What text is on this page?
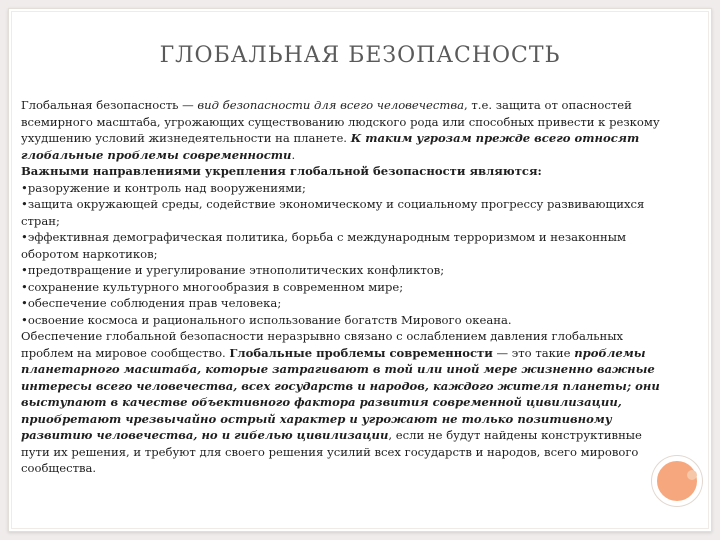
ГЛОБАЛЬНАЯ БЕЗОПАСНОСТЬ

Глобальная безопасность — вид безопасности для всего человечества, т.е. защита от опасностей всемирного масштаба, угрожающих существованию людского рода или способных привести к резкому ухудшению условий жизнедеятельности на планете. К таким угрозам прежде всего относят глобальные проблемы современности.

Важными направлениями укрепления глобальной безопасности являются:

•разоружение и контроль над вооружениями;

•защита окружающей среды, содействие экономическому и социальному прогрессу развивающихся стран;

•эффективная демографическая политика, борьба с международным терроризмом и незаконным оборотом наркотиков;

•предотвращение и урегулирование этнополитических конфликтов;

•сохранение культурного многообразия в современном мире;

•обеспечение соблюдения прав человека;

•освоение космоса и рационального использование богатств Мирового океана.

Обеспечение глобальной безопасности неразрывно связано с ослаблением давления глобальных проблем на мировое сообщество. Глобальные проблемы современности — это такие проблемы планетарного масштаба, которые затрагивают в той или иной мере жизненно важные интересы всего человечества, всех государств и народов, каждого жителя планеты; они выступают в качестве объективного фактора развития современной цивилизации, приобретают чрезвычайно острый характер и угрожают не только позитивному развитию человечества, но и гибелью цивилизации, если не будут найдены конструктивные пути их решения, и требуют для своего решения усилий всех государств и народов, всего мирового сообщества.
